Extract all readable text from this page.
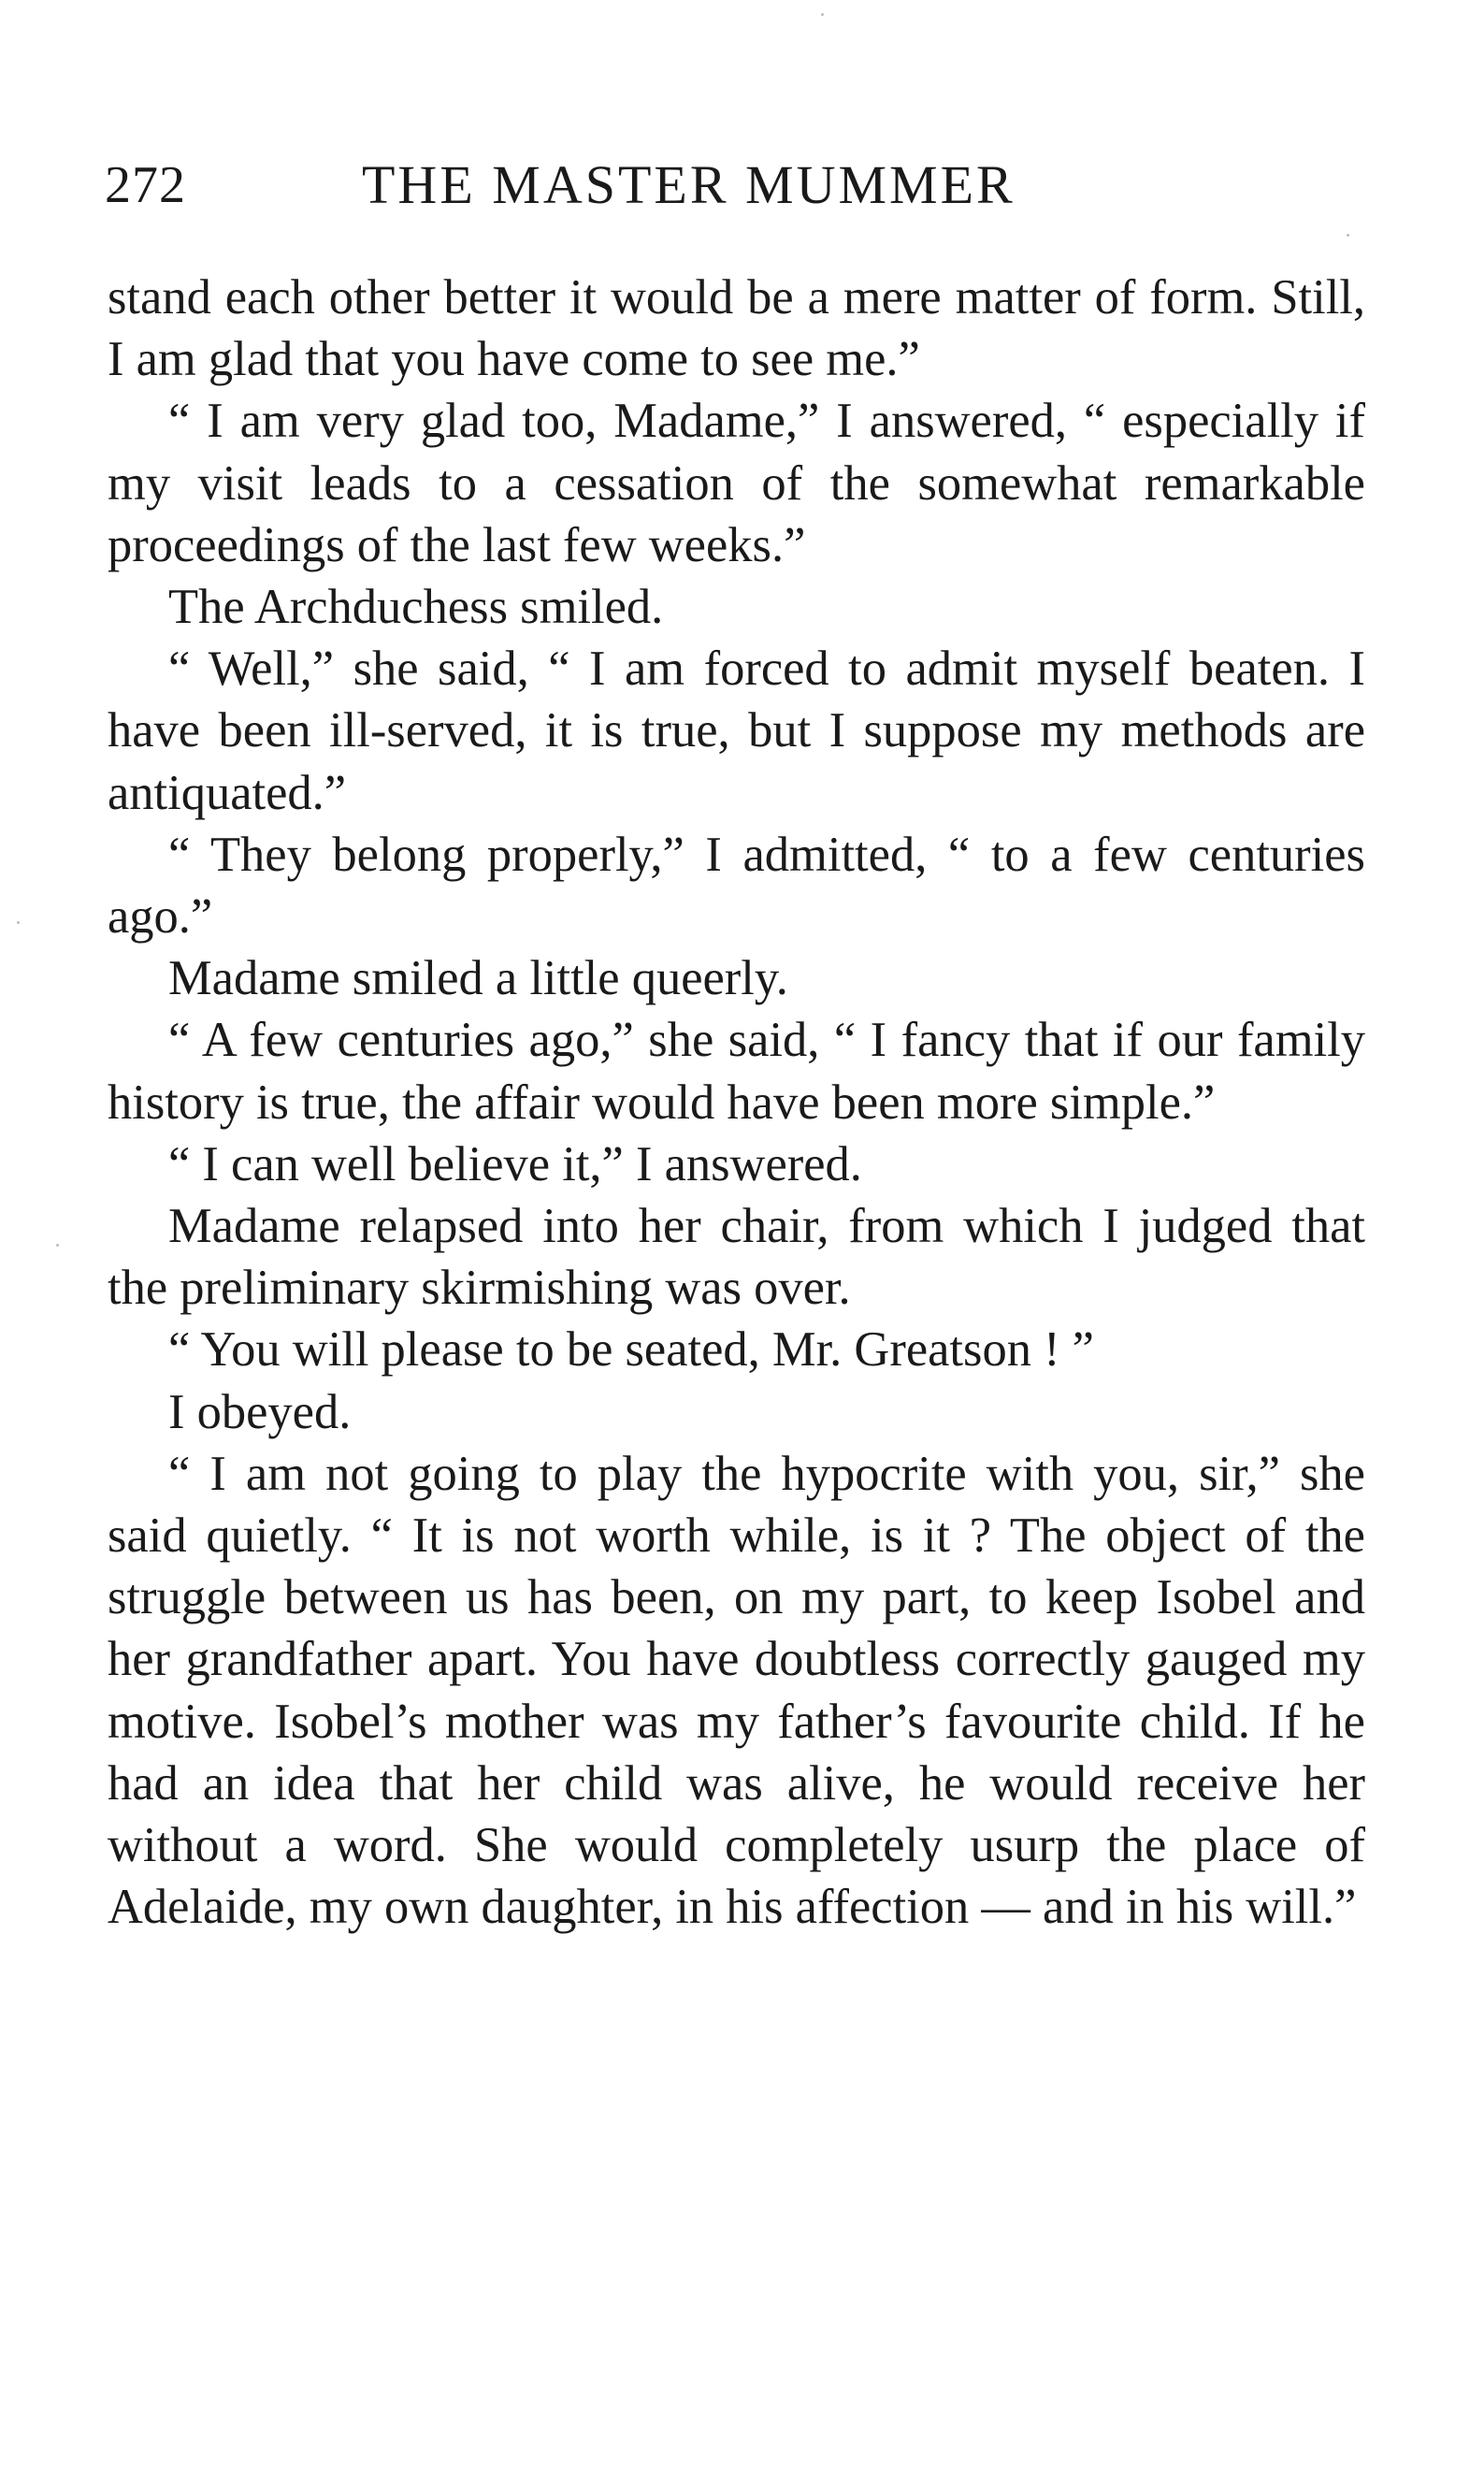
272	THE MASTER MUMMER

stand each other better it would be a mere matter of form. Still, I am glad that you have come to see me.”

“ I am very glad too, Madame,” I answered, “ especially if my visit leads to a cessation of the somewhat remarkable proceedings of the last few weeks.”

The Archduchess smiled.

“ Well,” she said, “ I am forced to admit myself beaten. I have been ill-served, it is true, but I suppose my methods are antiquated.”

“ They belong properly,” I admitted, “ to a few centuries ago.”

Madame smiled a little queerly.

“ A few centuries ago,” she said, “ I fancy that if our family history is true, the affair would have been more simple.”

“ I can well believe it,” I answered.

Madame relapsed into her chair, from which I judged that the preliminary skirmishing was over.

“ You will please to be seated, Mr. Greatson ! ”

I obeyed.

“ I am not going to play the hypocrite with you, sir,” she said quietly. “ It is not worth while, is it ? The object of the struggle between us has been, on my part, to keep Isobel and her grandfather apart. You have doubtless correctly gauged my motive. Isobel’s mother was my father’s favourite child. If he had an idea that her child was alive, he would receive her without a word. She would completely usurp the place of Adelaide, my own daughter, in his affection — and in his will.”
